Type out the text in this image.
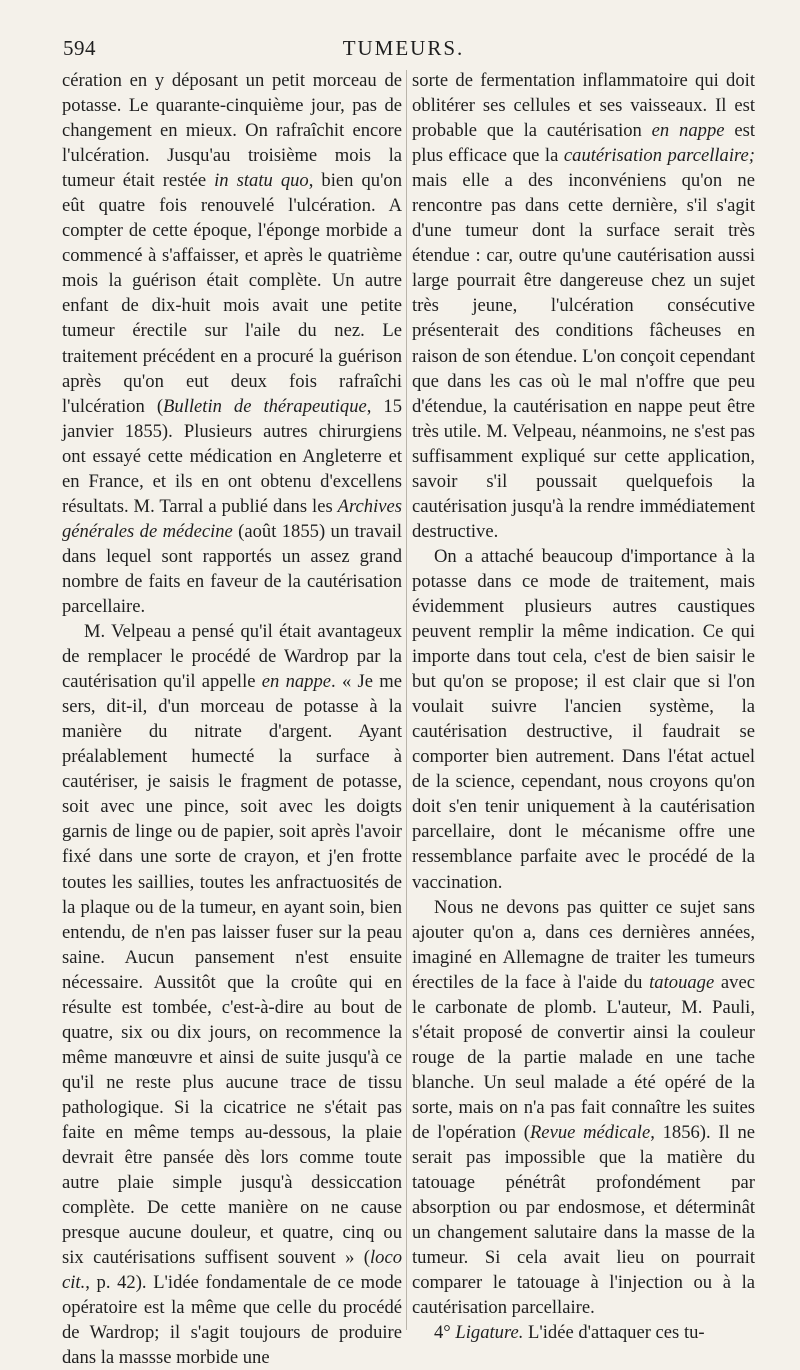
594	TUMEURS.

cération en y déposant un petit morceau de potasse. Le quarante-cinquième jour, pas de changement en mieux. On rafraîchit encore l'ulcération. Jusqu'au troisième mois la tumeur était restée in statu quo, bien qu'on eût quatre fois renouvelé l'ulcération. A compter de cette époque, l'éponge morbide a commencé à s'affaisser, et après le quatrième mois la guérison était complète. Un autre enfant de dix-huit mois avait une petite tumeur érectile sur l'aile du nez. Le traitement précédent en a procuré la guérison après qu'on eut deux fois rafraîchi l'ulcération (Bulletin de thérapeutique, 15 janvier 1855). Plusieurs autres chirurgiens ont essayé cette médication en Angleterre et en France, et ils en ont obtenu d'excellens résultats. M. Tarral a publié dans les Archives générales de médecine (août 1855) un travail dans lequel sont rapportés un assez grand nombre de faits en faveur de la cautérisation parcellaire.

M. Velpeau a pensé qu'il était avantageux de remplacer le procédé de Wardrop par la cautérisation qu'il appelle en nappe. « Je me sers, dit-il, d'un morceau de potasse à la manière du nitrate d'argent. Ayant préalablement humecté la surface à cautériser, je saisis le fragment de potasse, soit avec une pince, soit avec les doigts garnis de linge ou de papier, soit après l'avoir fixé dans une sorte de crayon, et j'en frotte toutes les saillies, toutes les anfractuosités de la plaque ou de la tumeur, en ayant soin, bien entendu, de n'en pas laisser fuser sur la peau saine. Aucun pansement n'est ensuite nécessaire. Aussitôt que la croûte qui en résulte est tombée, c'est-à-dire au bout de quatre, six ou dix jours, on recommence la même manœuvre et ainsi de suite jusqu'à ce qu'il ne reste plus aucune trace de tissu pathologique. Si la cicatrice ne s'était pas faite en même temps au-dessous, la plaie devrait être pansée dès lors comme toute autre plaie simple jusqu'à dessiccation complète. De cette manière on ne cause presque aucune douleur, et quatre, cinq ou six cautérisations suffisent souvent » (loco cit., p. 42). L'idée fondamentale de ce mode opératoire est la même que celle du procédé de Wardrop; il s'agit toujours de produire dans la massse morbide une

sorte de fermentation inflammatoire qui doit oblitérer ses cellules et ses vaisseaux. Il est probable que la cautérisation en nappe est plus efficace que la cautérisation parcellaire; mais elle a des inconvéniens qu'on ne rencontre pas dans cette dernière, s'il s'agit d'une tumeur dont la surface serait très étendue : car, outre qu'une cautérisation aussi large pourrait être dangereuse chez un sujet très jeune, l'ulcération consécutive présenterait des conditions fâcheuses en raison de son étendue. L'on conçoit cependant que dans les cas où le mal n'offre que peu d'étendue, la cautérisation en nappe peut être très utile. M. Velpeau, néanmoins, ne s'est pas suffisamment expliqué sur cette application, savoir s'il poussait quelquefois la cautérisation jusqu'à la rendre immédiatement destructive.

On a attaché beaucoup d'importance à la potasse dans ce mode de traitement, mais évidemment plusieurs autres caustiques peuvent remplir la même indication. Ce qui importe dans tout cela, c'est de bien saisir le but qu'on se propose; il est clair que si l'on voulait suivre l'ancien système, la cautérisation destructive, il faudrait se comporter bien autrement. Dans l'état actuel de la science, cependant, nous croyons qu'on doit s'en tenir uniquement à la cautérisation parcellaire, dont le mécanisme offre une ressemblance parfaite avec le procédé de la vaccination.

Nous ne devons pas quitter ce sujet sans ajouter qu'on a, dans ces dernières années, imaginé en Allemagne de traiter les tumeurs érectiles de la face à l'aide du tatouage avec le carbonate de plomb. L'auteur, M. Pauli, s'était proposé de convertir ainsi la couleur rouge de la partie malade en une tache blanche. Un seul malade a été opéré de la sorte, mais on n'a pas fait connaître les suites de l'opération (Revue médicale, 1856). Il ne serait pas impossible que la matière du tatouage pénétrât profondément par absorption ou par endosmose, et déterminât un changement salutaire dans la masse de la tumeur. Si cela avait lieu on pourrait comparer le tatouage à l'injection ou à la cautérisation parcellaire.

4° Ligature. L'idée d'attaquer ces tu-
